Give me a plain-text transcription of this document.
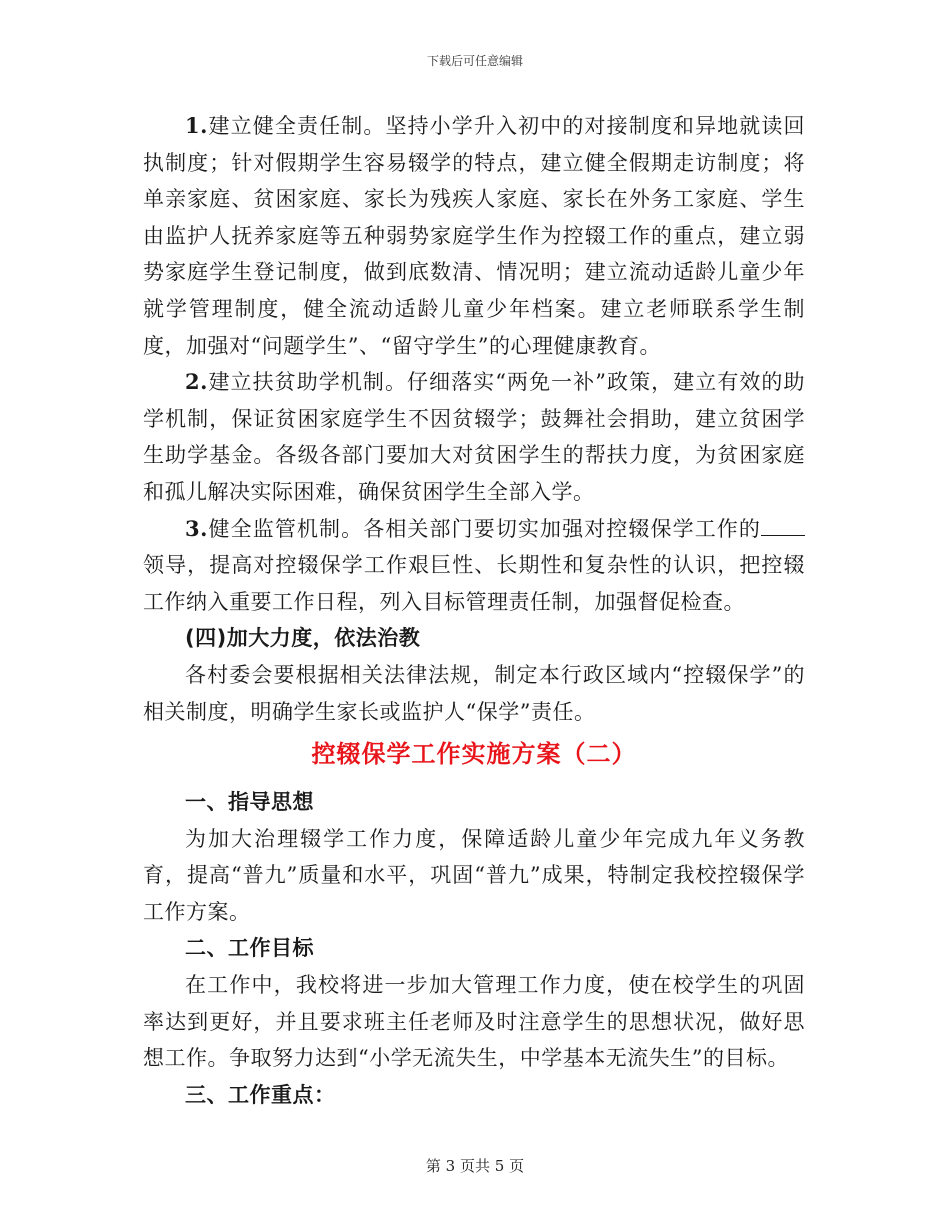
下载后可任意编辑

1.建立健全责任制。坚持小学升入初中的对接制度和异地就读回执制度；针对假期学生容易辍学的特点，建立健全假期走访制度；将单亲家庭、贫困家庭、家长为残疾人家庭、家长在外务工家庭、学生由监护人抚养家庭等五种弱势家庭学生作为控辍工作的重点，建立弱势家庭学生登记制度，做到底数清、情况明；建立流动适龄儿童少年就学管理制度，健全流动适龄儿童少年档案。建立老师联系学生制度，加强对“问题学生”、“留守学生”的心理健康教育。

2.建立扶贫助学机制。仔细落实“两免一补”政策，建立有效的助学机制，保证贫困家庭学生不因贫辍学；鼓舞社会捐助，建立贫困学生助学基金。各级各部门要加大对贫困学生的帮扶力度，为贫困家庭和孤儿解决实际困难，确保贫困学生全部入学。

3.健全监管机制。各相关部门要切实加强对控辍保学工作的领导，提高对控辍保学工作艰巨性、长期性和复杂性的认识，把控辍工作纳入重要工作日程，列入目标管理责任制，加强督促检查。

(四)加大力度，依法治教

各村委会要根据相关法律法规，制定本行政区域内“控辍保学”的相关制度，明确学生家长或监护人“保学”责任。

控辍保学工作实施方案（二）

一、指导思想

为加大治理辍学工作力度，保障适龄儿童少年完成九年义务教育，提高“普九”质量和水平，巩固“普九”成果，特制定我校控辍保学工作方案。

二、工作目标

在工作中，我校将进一步加大管理工作力度，使在校学生的巩固率达到更好，并且要求班主任老师及时注意学生的思想状况，做好思想工作。争取努力达到“小学无流失生，中学基本无流失生”的目标。

三、工作重点：

第 3 页共 5 页
